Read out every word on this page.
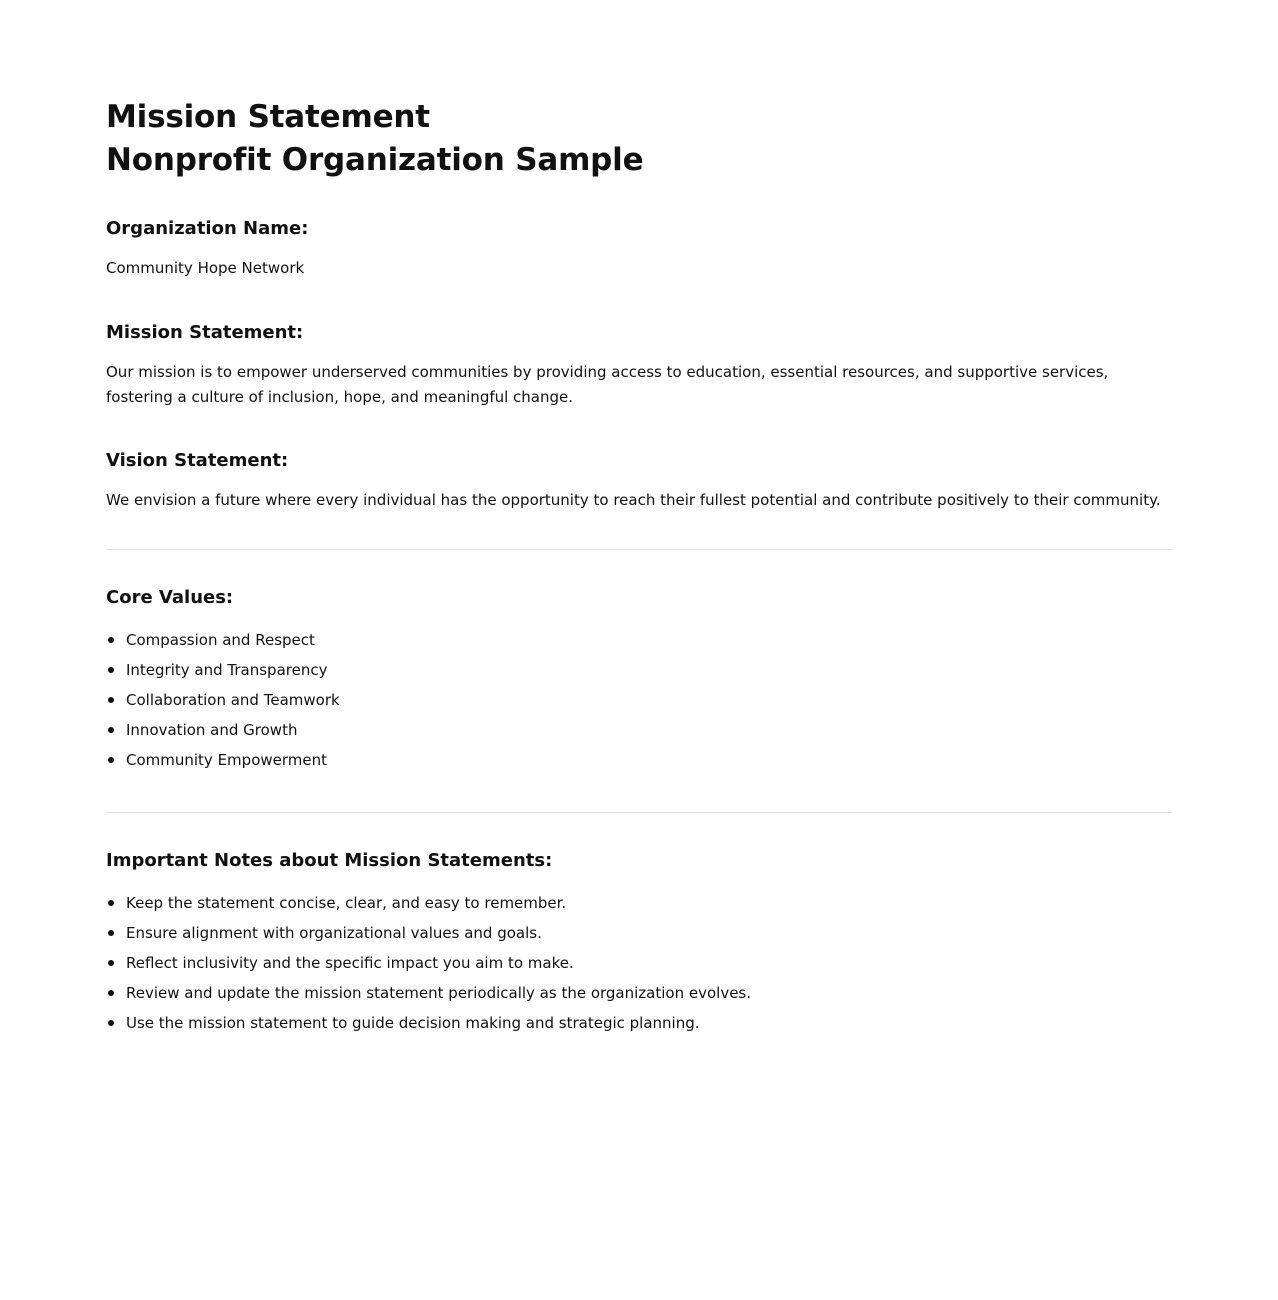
Mission Statement
Nonprofit Organization Sample
Organization Name:

Community Hope Network

Mission Statement:

Our mission is to empower underserved communities by providing access to education, essential resources, and supportive services, fostering a culture of inclusion, hope, and meaningful change.

Vision Statement:

We envision a future where every individual has the opportunity to reach their fullest potential and contribute positively to their community.

Core Values:
Compassion and Respect
Integrity and Transparency
Collaboration and Teamwork
Innovation and Growth
Community Empowerment
Important Notes about Mission Statements:
Keep the statement concise, clear, and easy to remember.
Ensure alignment with organizational values and goals.
Reflect inclusivity and the specific impact you aim to make.
Review and update the mission statement periodically as the organization evolves.
Use the mission statement to guide decision making and strategic planning.
